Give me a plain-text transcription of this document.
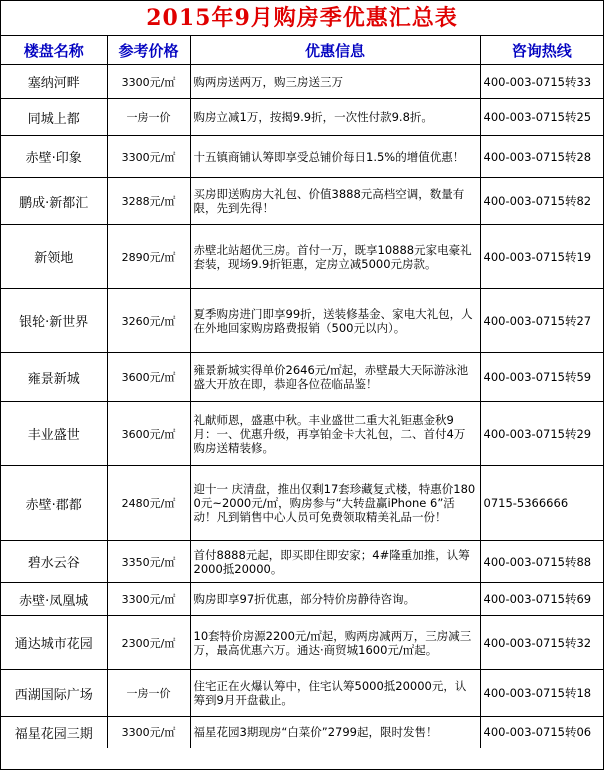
2015年9月购房季优惠汇总表
楼盘名称	参考价格	优惠信息	咨询热线
塞纳河畔	3300元/㎡	购两房送两万，购三房送三万	400-003-0715转33
同城上都	一房一价	购房立减1万，按揭9.9折，一次性付款9.8折。	400-003-0715转25
赤壁·印象	3300元/㎡	十五镇商铺认筹即享受总铺价每日1.5%的增值优惠！	400-003-0715转28
鹏成·新都汇	3288元/㎡	买房即送购房大礼包、价值3888元高档空调，数量有限，先到先得！	400-003-0715转82
新领地	2890元/㎡	赤壁北站超优三房。首付一万，既享10888元家电豪礼套装，现场9.9折钜惠，定房立减5000元房款。	400-003-0715转19
银轮·新世界	3260元/㎡	夏季购房进门即享99折，送装修基金、家电大礼包，人在外地回家购房路费报销（500元以内）。	400-003-0715转27
雍景新城	3600元/㎡	雍景新城实得单价2646元/㎡起，赤壁最大天际游泳池盛大开放在即，恭迎各位莅临品鉴！	400-003-0715转59
丰业盛世	3600元/㎡	礼献师恩，盛惠中秋。丰业盛世二重大礼钜惠金秋9月：一、优惠升级，再享铂金卡大礼包，二、首付4万购房送精装修。	400-003-0715转29
赤壁·郡都	2480元/㎡	迎十一 庆清盘，推出仅剩17套珍藏复式楼，特惠价1800元~2000元/㎡，购房参与“大转盘赢iPhone 6”活动！凡到销售中心人员可免费领取精美礼品一份！	0715-5366666
碧水云谷	3350元/㎡	首付8888元起，即买即住即安家；4#隆重加推，认筹2000抵20000。	400-003-0715转88
赤壁·凤凰城	3300元/㎡	购房即享97折优惠，部分特价房静待咨询。	400-003-0715转69
通达城市花园	2300元/㎡	10套特价房源2200元/㎡起，购两房减两万，三房减三万，最高优惠六万。通达·商贸城1600元/㎡起。	400-003-0715转32
西湖国际广场	一房一价	住宅正在火爆认筹中，住宅认筹5000抵20000元，认筹到9月开盘截止。	400-003-0715转18
福星花园三期	3300元/㎡	福星花园3期现房“白菜价”2799起，限时发售！	400-003-0715转06
